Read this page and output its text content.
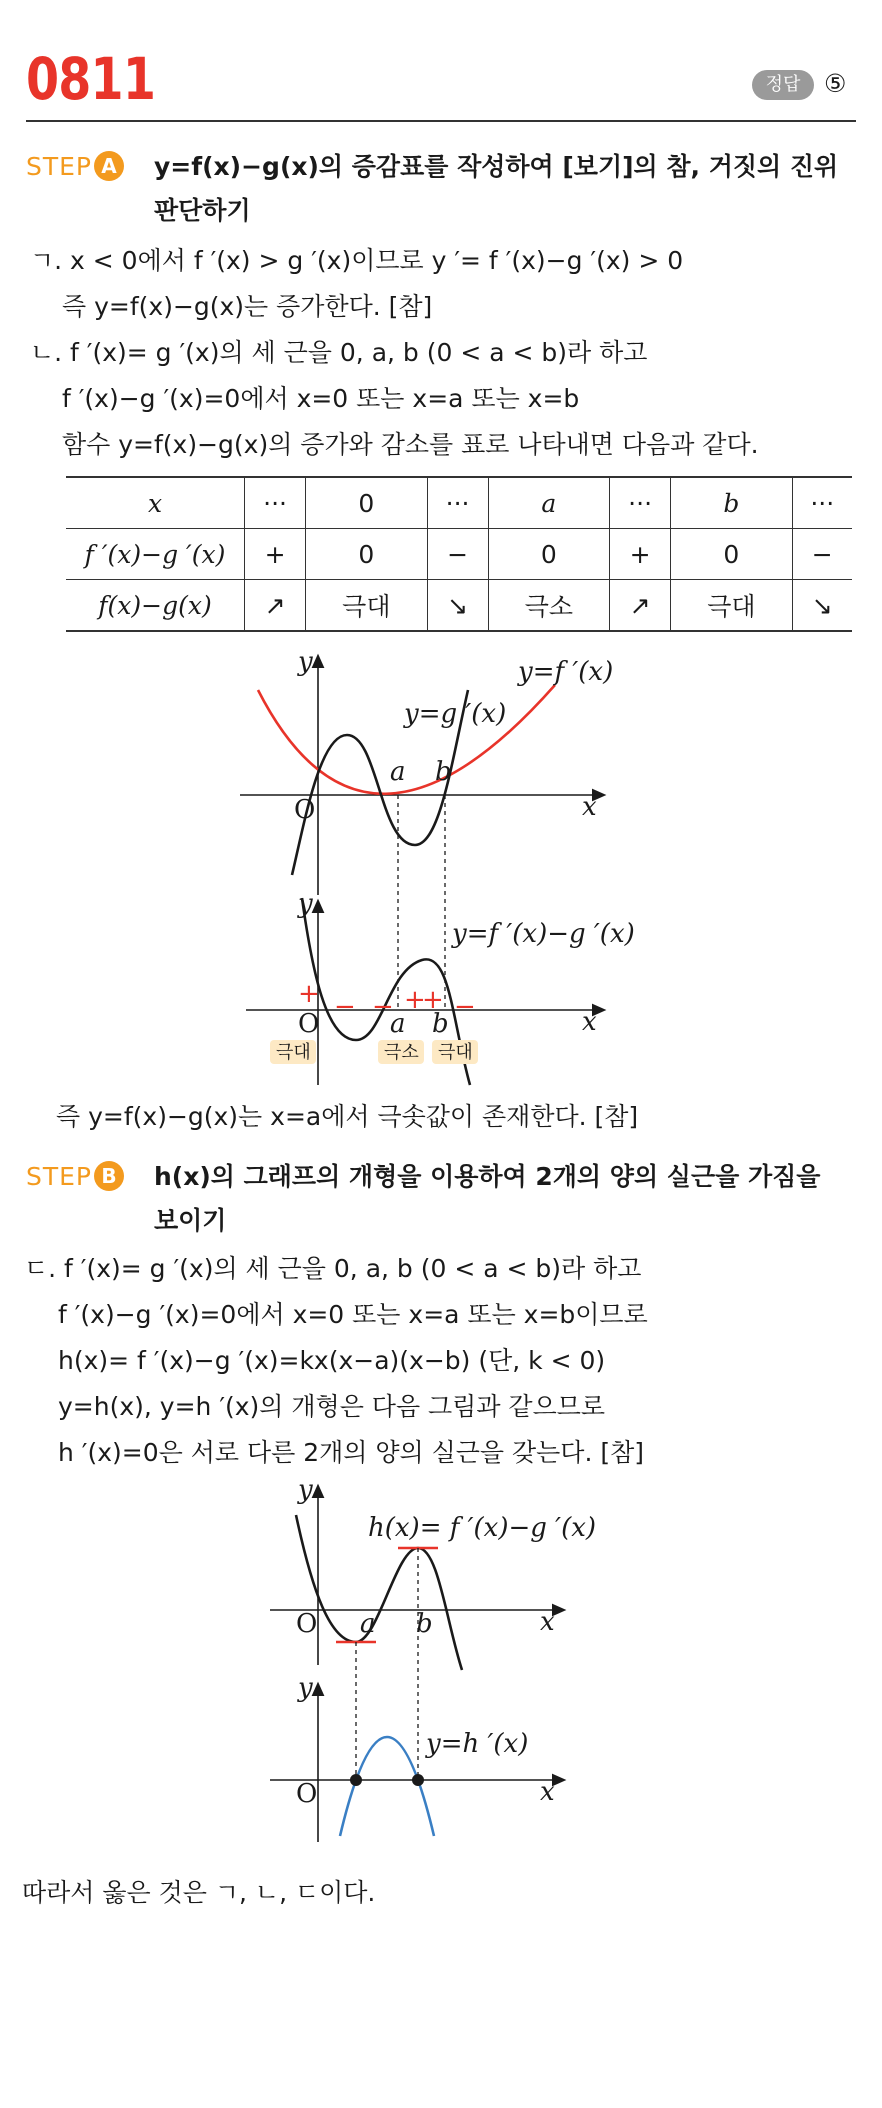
0811	정답 ⑤
STEP A y=f(x)−g(x)의 증감표를 작성하여 [보기]의 참, 거짓의 진위
판단하기
ㄱ. x < 0에서 f ′(x) > g ′(x)이므로 y ′= f ′(x)−g ′(x) > 0
즉 y=f(x)−g(x)는 증가한다. [참]
ㄴ. f ′(x)= g ′(x)의 세 근을 0, a, b (0 < a < b)라 하고
f ′(x)−g ′(x)=0에서 x=0 또는 x=a 또는 x=b
함수 y=f(x)−g(x)의 증가와 감소를 표로 나타내면 다음과 같다.
x	···	0	···	a	···	b	···
f ′(x)−g ′(x)	+	0	−	0	+	0	−
f(x)−g(x)	↗	극대	↘	극소	↗	극대	↘
y
x
O
y=f ′(x)
y=g ′(x)
a b
y
x
O
y=f ′(x)−g ′(x)
a b
+ − − +
+ −
극대	극소 극대
즉 y=f(x)−g(x)는 x=a에서 극솟값이 존재한다. [참]
STEP B h(x)의 그래프의 개형을 이용하여 2개의 양의 실근을 가짐을
보이기
ㄷ. f ′(x)= g ′(x)의 세 근을 0, a, b (0 < a < b)라 하고
f ′(x)−g ′(x)=0에서 x=0 또는 x=a 또는 x=b이므로
h(x)= f ′(x)−g ′(x)=kx(x−a)(x−b) (단, k < 0)
y=h(x), y=h ′(x)의 개형은 다음 그림과 같으므로
h ′(x)=0은 서로 다른 2개의 양의 실근을 갖는다. [참]
y
x
O
h(x)= f ′(x)−g ′(x)
a b
y
x
O
y=h ′(x)
따라서 옳은 것은 ㄱ, ㄴ, ㄷ이다.
